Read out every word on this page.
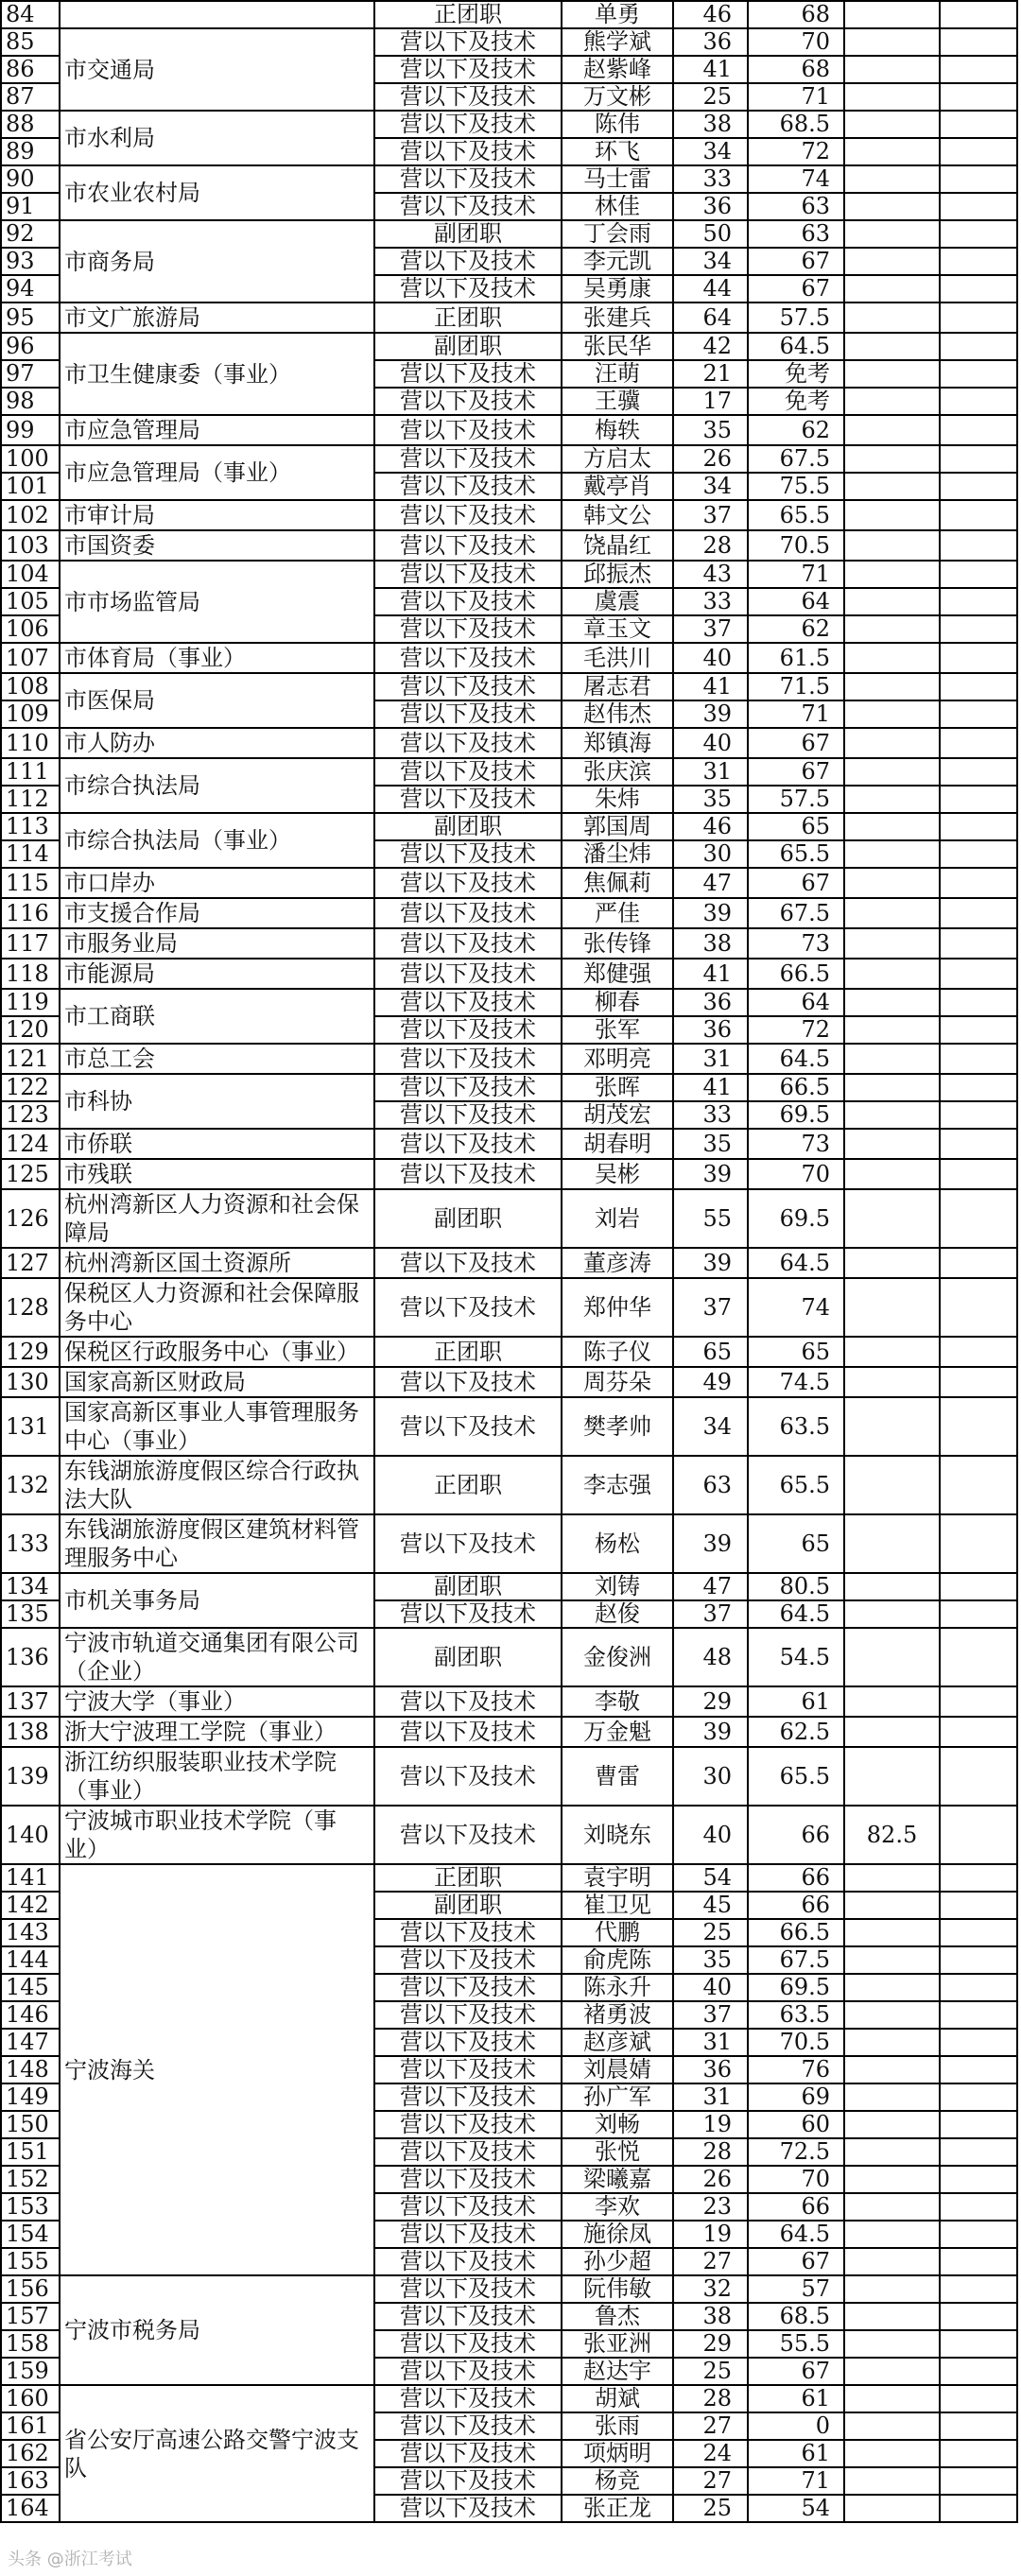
84		正团职	单勇	46	68		
85	市交通局	营以下及技术	熊学斌	36	70		
86		营以下及技术	赵紫峰	41	68		
87		营以下及技术	万文彬	25	71		
88	市水利局	营以下及技术	陈伟	38	68.5		
89		营以下及技术	环飞	34	72		
90	市农业农村局	营以下及技术	马士雷	33	74		
91		营以下及技术	林佳	36	63		
92	市商务局	副团职	丁会雨	50	63		
93		营以下及技术	李元凯	34	67		
94		营以下及技术	吴勇康	44	67		
95	市文广旅游局	正团职	张建兵	64	57.5		
96	市卫生健康委（事业）	副团职	张民华	42	64.5		
97		营以下及技术	汪萌	21	免考		
98		营以下及技术	王骥	17	免考		
99	市应急管理局	营以下及技术	梅轶	35	62		
100	市应急管理局（事业）	营以下及技术	方启太	26	67.5		
101		营以下及技术	戴亭肖	34	75.5		
102	市审计局	营以下及技术	韩文公	37	65.5		
103	市国资委	营以下及技术	饶晶红	28	70.5		
104	市市场监管局	营以下及技术	邱振杰	43	71		
105		营以下及技术	虞震	33	64		
106		营以下及技术	章玉文	37	62		
107	市体育局（事业）	营以下及技术	毛洪川	40	61.5		
108	市医保局	营以下及技术	屠志君	41	71.5		
109		营以下及技术	赵伟杰	39	71		
110	市人防办	营以下及技术	郑镇海	40	67		
111	市综合执法局	营以下及技术	张庆滨	31	67		
112		营以下及技术	朱炜	35	57.5		
113	市综合执法局（事业）	副团职	郭国周	46	65		
114		营以下及技术	潘尘炜	30	65.5		
115	市口岸办	营以下及技术	焦佩莉	47	67		
116	市支援合作局	营以下及技术	严佳	39	67.5		
117	市服务业局	营以下及技术	张传锋	38	73		
118	市能源局	营以下及技术	郑健强	41	66.5		
119	市工商联	营以下及技术	柳春	36	64		
120		营以下及技术	张军	36	72		
121	市总工会	营以下及技术	邓明亮	31	64.5		
122	市科协	营以下及技术	张晖	41	66.5		
123		营以下及技术	胡茂宏	33	69.5		
124	市侨联	营以下及技术	胡春明	35	73		
125	市残联	营以下及技术	吴彬	39	70		
126	杭州湾新区人力资源和社会保障局	副团职	刘岩	55	69.5		
127	杭州湾新区国土资源所	营以下及技术	董彦涛	39	64.5		
128	保税区人力资源和社会保障服务中心	营以下及技术	郑仲华	37	74		
129	保税区行政服务中心（事业）	正团职	陈子仪	65	65		
130	国家高新区财政局	营以下及技术	周芬朵	49	74.5		
131	国家高新区事业人事管理服务中心（事业）	营以下及技术	樊孝帅	34	63.5		
132	东钱湖旅游度假区综合行政执法大队	正团职	李志强	63	65.5		
133	东钱湖旅游度假区建筑材料管理服务中心	营以下及技术	杨松	39	65		
134	市机关事务局	副团职	刘铸	47	80.5		
135		营以下及技术	赵俊	37	64.5		
136	宁波市轨道交通集团有限公司（企业）	副团职	金俊洲	48	54.5		
137	宁波大学（事业）	营以下及技术	李敬	29	61		
138	浙大宁波理工学院（事业）	营以下及技术	万金魁	39	62.5		
139	浙江纺织服装职业技术学院（事业）	营以下及技术	曹雷	30	65.5		
140	宁波城市职业技术学院（事业）	营以下及技术	刘晓东	40	66	82.5	
141	宁波海关	正团职	袁宇明	54	66		
142		副团职	崔卫见	45	66		
143		营以下及技术	代鹏	25	66.5		
144		营以下及技术	俞虎陈	35	67.5		
145		营以下及技术	陈永升	40	69.5		
146		营以下及技术	褚勇波	37	63.5		
147		营以下及技术	赵彦斌	31	70.5		
148		营以下及技术	刘晨婧	36	76		
149		营以下及技术	孙广军	31	69		
150		营以下及技术	刘畅	19	60		
151		营以下及技术	张悦	28	72.5		
152		营以下及技术	梁曦嘉	26	70		
153		营以下及技术	李欢	23	66		
154		营以下及技术	施徐凤	19	64.5		
155		营以下及技术	孙少超	27	67		
156	宁波市税务局	营以下及技术	阮伟敏	32	57		
157		营以下及技术	鲁杰	38	68.5		
158		营以下及技术	张亚洲	29	55.5		
159		营以下及技术	赵达宇	25	67		
160	省公安厅高速公路交警宁波支队	营以下及技术	胡斌	28	61		
161		营以下及技术	张雨	27	0		
162		营以下及技术	项炳明	24	61		
163		营以下及技术	杨竞	27	71		
164		营以下及技术	张正龙	25	54		
头条 @浙江考试
